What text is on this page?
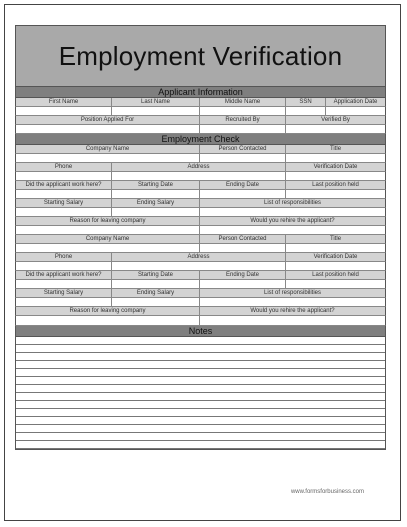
Employment Verification
Applicant Information
First Name	Last Name	Middle Name	SSN	Application Date
Position Applied For	Recruited By	Verified By
Employment Check
Company Name	Person Contacted	Title
Phone	Address	Verification Date
Did the applicant work here?	Starting Date	Ending Date	Last position held
Starting Salary	Ending Salary	List of responsibilities
Reason for leaving company	Would you rehire the applicant?
Company Name	Person Contacted	Title
Phone	Address	Verification Date
Did the applicant work here?	Starting Date	Ending Date	Last position held
Starting Salary	Ending Salary	List of responsibilities
Reason for leaving company	Would you rehire the applicant?
Notes
www.formsforbusiness.com
